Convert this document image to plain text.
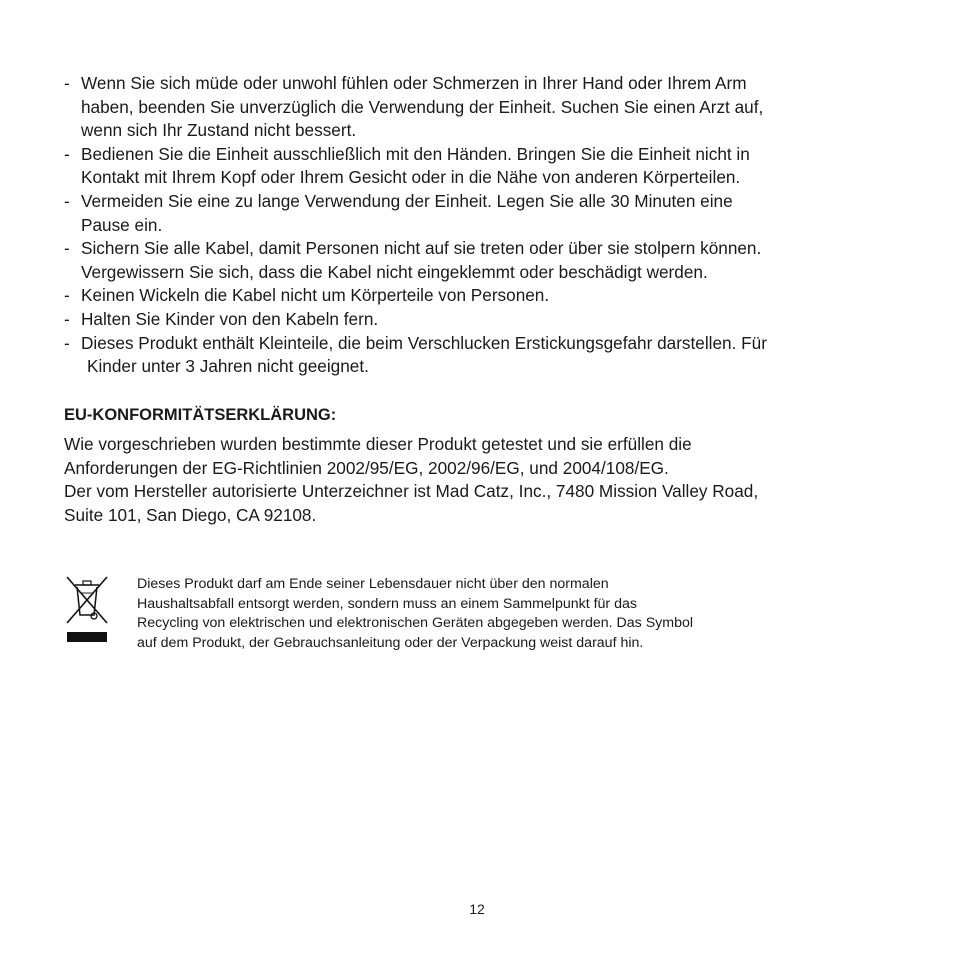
- Wenn Sie sich müde oder unwohl fühlen oder Schmerzen in Ihrer Hand oder Ihrem Arm
haben, beenden Sie unverzüglich die Verwendung der Einheit. Suchen Sie einen Arzt auf,
wenn sich Ihr Zustand nicht bessert.
- Bedienen Sie die Einheit ausschließlich mit den Händen. Bringen Sie die Einheit nicht in
Kontakt mit Ihrem Kopf oder Ihrem Gesicht oder in die Nähe von anderen Körperteilen.
- Vermeiden Sie eine zu lange Verwendung der Einheit. Legen Sie alle 30 Minuten eine
Pause ein.
- Sichern Sie alle Kabel, damit Personen nicht auf sie treten oder über sie stolpern können.
Vergewissern Sie sich, dass die Kabel nicht eingeklemmt oder beschädigt werden.
- Keinen Wickeln die Kabel nicht um Körperteile von Personen.
- Halten Sie Kinder von den Kabeln fern.
- Dieses Produkt enthält Kleinteile, die beim Verschlucken Erstickungsgefahr darstellen. Für
Kinder unter 3 Jahren nicht geeignet.
EU-KONFORMITÄTSERKLÄRUNG:

Wie vorgeschrieben wurden bestimmte dieser Produkt getestet und sie erfüllen die
Anforderungen der EG-Richtlinien 2002/95/EG, 2002/96/EG, und 2004/108/EG.

Der vom Hersteller autorisierte Unterzeichner ist Mad Catz, Inc., 7480 Mission Valley Road,
Suite 101, San Diego, CA 92108.

Dieses Produkt darf am Ende seiner Lebensdauer nicht über den normalen
Haushaltsabfall entsorgt werden, sondern muss an einem Sammelpunkt für das
Recycling von elektrischen und elektronischen Geräten abgegeben werden. Das Symbol
auf dem Produkt, der Gebrauchsanleitung oder der Verpackung weist darauf hin.

12
